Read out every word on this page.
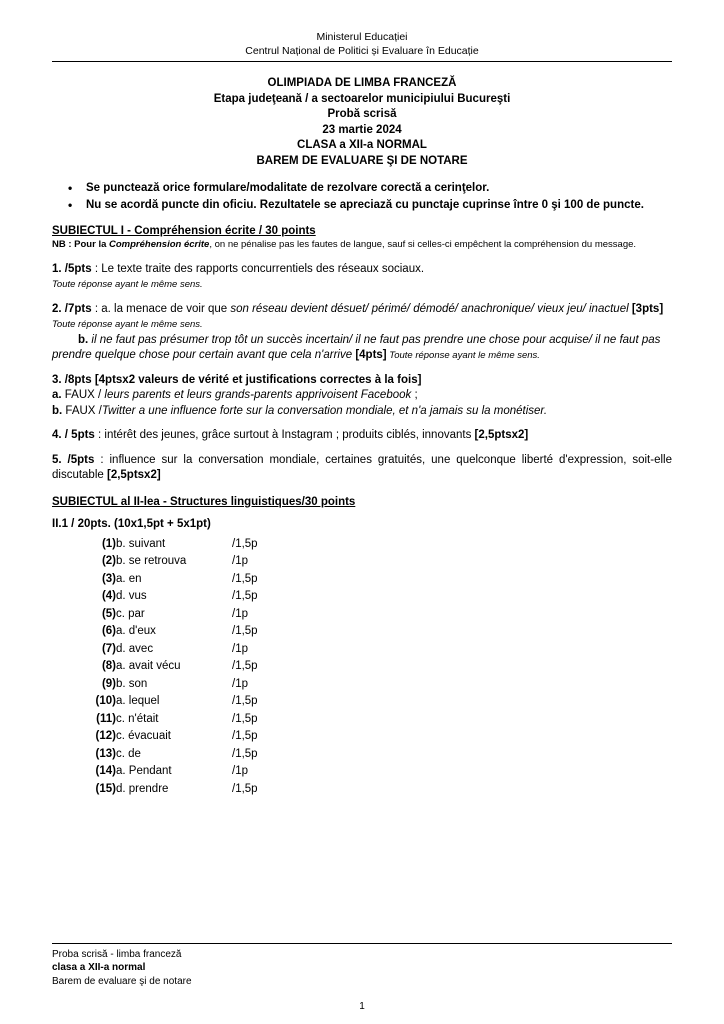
Ministerul Educației
Centrul Național de Politici și Evaluare în Educație
OLIMPIADA DE LIMBA FRANCEZĂ
Etapa judeţeană / a sectoarelor municipiului Bucureşti
Probă scrisă
23 martie 2024
CLASA a XII-a NORMAL
BAREM DE EVALUARE ŞI DE NOTARE
• Se punctează orice formulare/modalitate de rezolvare corectă a cerinţelor.
• Nu se acordă puncte din oficiu. Rezultatele se apreciază cu punctaje cuprinse între 0 şi 100 de puncte.
SUBIECTUL I - Compréhension écrite / 30 points
NB : Pour la Compréhension écrite, on ne pénalise pas les fautes de langue, sauf si celles-ci empêchent la compréhension du message.
1. /5pts : Le texte traite des rapports concurrentiels des réseaux sociaux.
Toute réponse ayant le même sens.
2. /7pts : a. la menace de voir que son réseau devient désuet/ périmé/ démodé/ anachronique/ vieux jeu/ inactuel [3pts] Toute réponse ayant le même sens.
b. il ne faut pas présumer trop tôt un succès incertain/ il ne faut pas prendre une chose pour acquise/ il ne faut pas prendre quelque chose pour certain avant que cela n'arrive [4pts] Toute réponse ayant le même sens.
3. /8pts [4ptsx2 valeurs de vérité et justifications correctes à la fois]
a. FAUX / leurs parents et leurs grands-parents apprivoisent Facebook ;
b. FAUX /Twitter a une influence forte sur la conversation mondiale, et n'a jamais su la monétiser.
4. / 5pts : intérêt des jeunes, grâce surtout à Instagram ; produits ciblés, innovants [2,5ptsx2]
5. /5pts : influence sur la conversation mondiale, certaines gratuités, une quelconque liberté d'expression, soit-elle discutable [2,5ptsx2]
SUBIECTUL al II-lea - Structures linguistiques/30 points
II.1 / 20pts. (10x1,5pt + 5x1pt)
(1)	b. suivant	/1,5p
(2)	b. se retrouva	/1p
(3)	a. en	/1,5p
(4)	d. vus	/1,5p
(5)	c. par	/1p
(6)	a. d'eux	/1,5p
(7)	d. avec	/1p
(8)	a. avait vécu	/1,5p
(9)	b. son	/1p
(10)	a. lequel	/1,5p
(11)	c. n'était	/1,5p
(12)	c. évacuait	/1,5p
(13)	c. de	/1,5p
(14)	a. Pendant	/1p
(15)	d. prendre	/1,5p
Proba scrisă - limba franceză
clasa a XII-a normal
Barem de evaluare şi de notare
1
